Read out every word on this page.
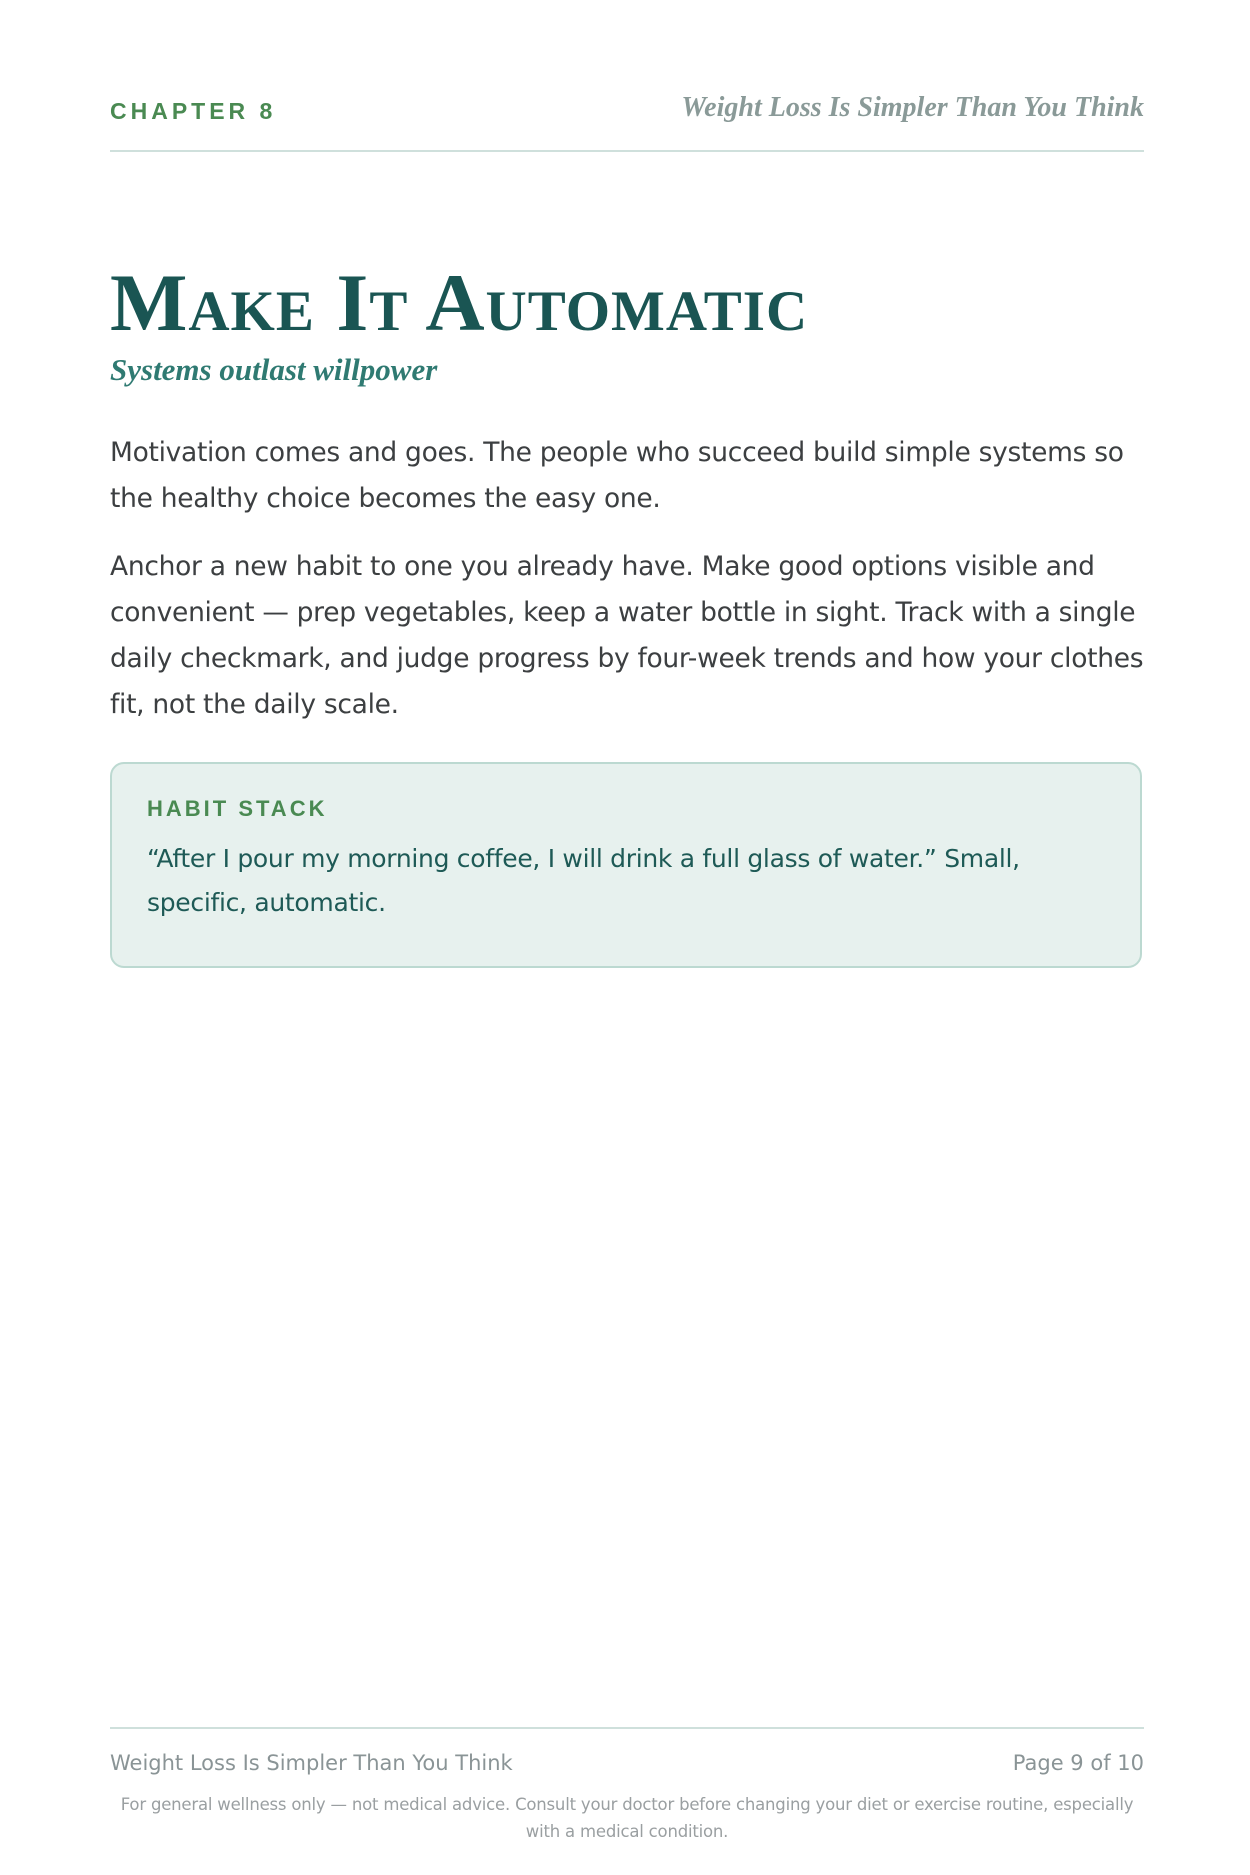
CHAPTER 8	Weight Loss Is Simpler Than You Think
Make It Automatic
Systems outlast willpower

Motivation comes and goes. The people who succeed build simple systems so the healthy choice becomes the easy one.

Anchor a new habit to one you already have. Make good options visible and convenient — prep vegetables, keep a water bottle in sight. Track with a single daily checkmark, and judge progress by four-week trends and how your clothes fit, not the daily scale.

HABIT STACK

“After I pour my morning coffee, I will drink a full glass of water.” Small, specific, automatic.

Weight Loss Is Simpler Than You Think	Page 9 of 10
For general wellness only — not medical advice. Consult your doctor before changing your diet or exercise routine, especially with a medical condition.
